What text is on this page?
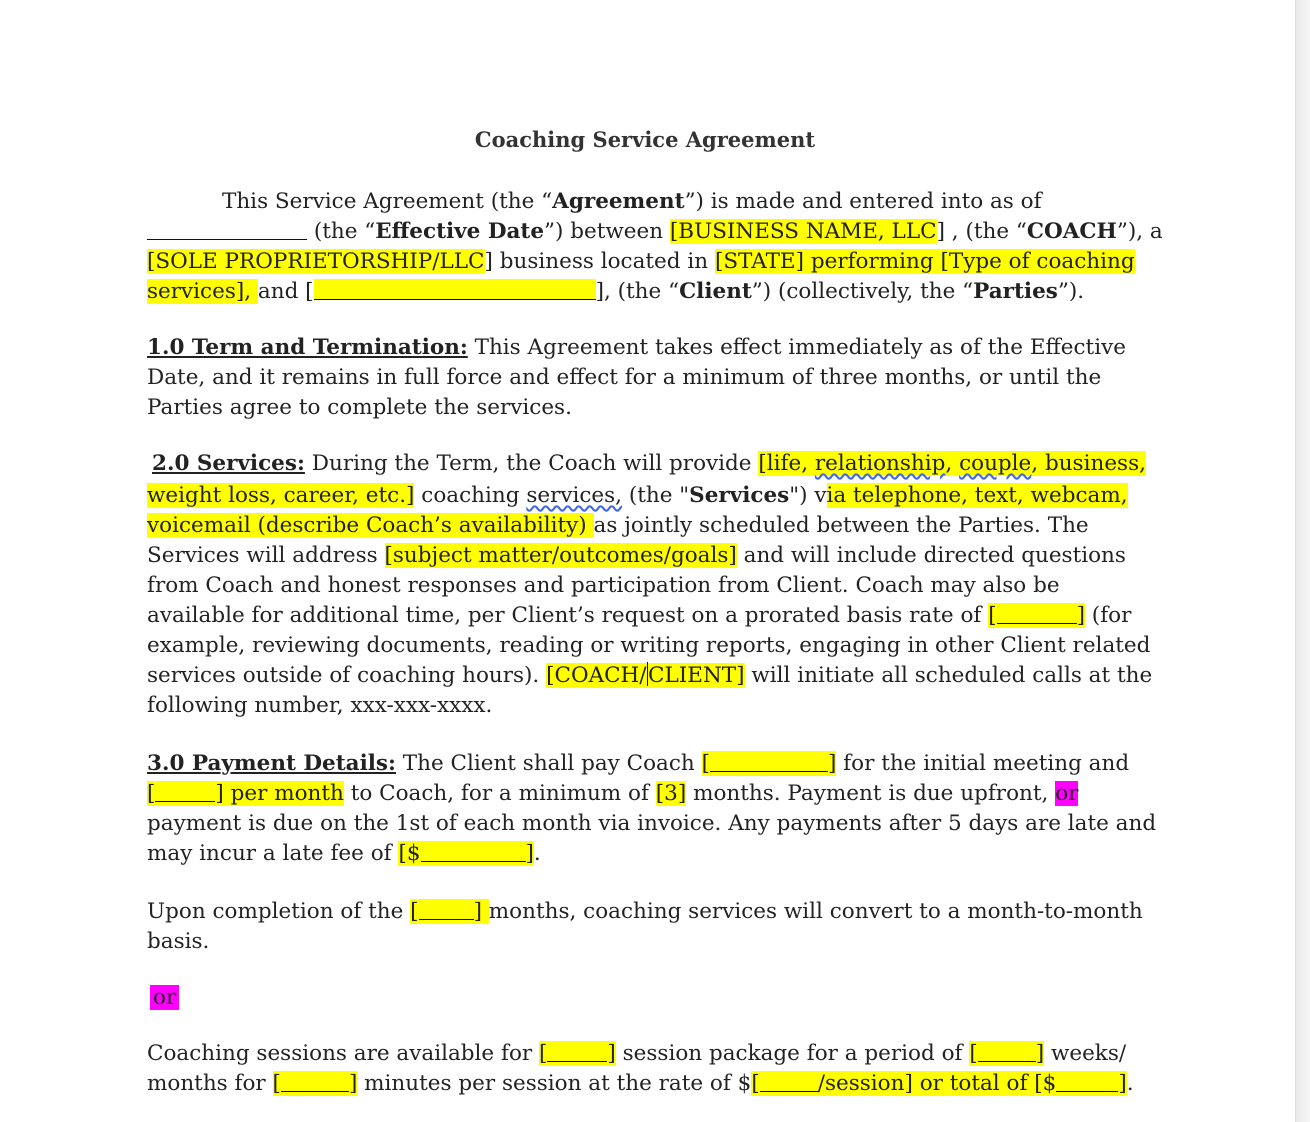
Coaching Service Agreement
This Service Agreement (the “Agreement”) is made and entered into as of
(the “Effective Date”) between [BUSINESS NAME, LLC] , (the “COACH”), a
[SOLE PROPRIETORSHIP/LLC] business located in [STATE] performing [Type of coaching
services], and [	], (the “Client”) (collectively, the “Parties”).
1.0 Term and Termination: This Agreement takes effect immediately as of the Effective
Date, and it remains in full force and effect for a minimum of three months, or until the
Parties agree to complete the services.
2.0 Services: During the Term, the Coach will provide [life, relationship, couple, business,
weight loss, career, etc.] coaching services, (the "Services") via telephone, text, webcam,
voicemail (describe Coach’s availability) as jointly scheduled between the Parties. The
Services will address [subject matter/outcomes/goals] and will include directed questions
from Coach and honest responses and participation from Client. Coach may also be
available for additional time, per Client’s request on a prorated basis rate of [	] (for
example, reviewing documents, reading or writing reports, engaging in other Client related
services outside of coaching hours). [COACH/CLIENT] will initiate all scheduled calls at the
following number, xxx-xxx-xxxx.
3.0 Payment Details: The Client shall pay Coach [	] for the initial meeting and
[	] per month to Coach, for a minimum of [3] months. Payment is due upfront, or
payment is due on the 1st of each month via invoice. Any payments after 5 days are late and
may incur a late fee of [$	].
Upon completion of the [	] months, coaching services will convert to a month-to-month
basis.
or
Coaching sessions are available for [	] session package for a period of [	] weeks/
months for [	] minutes per session at the rate of $[	/session] or total of [$	].
